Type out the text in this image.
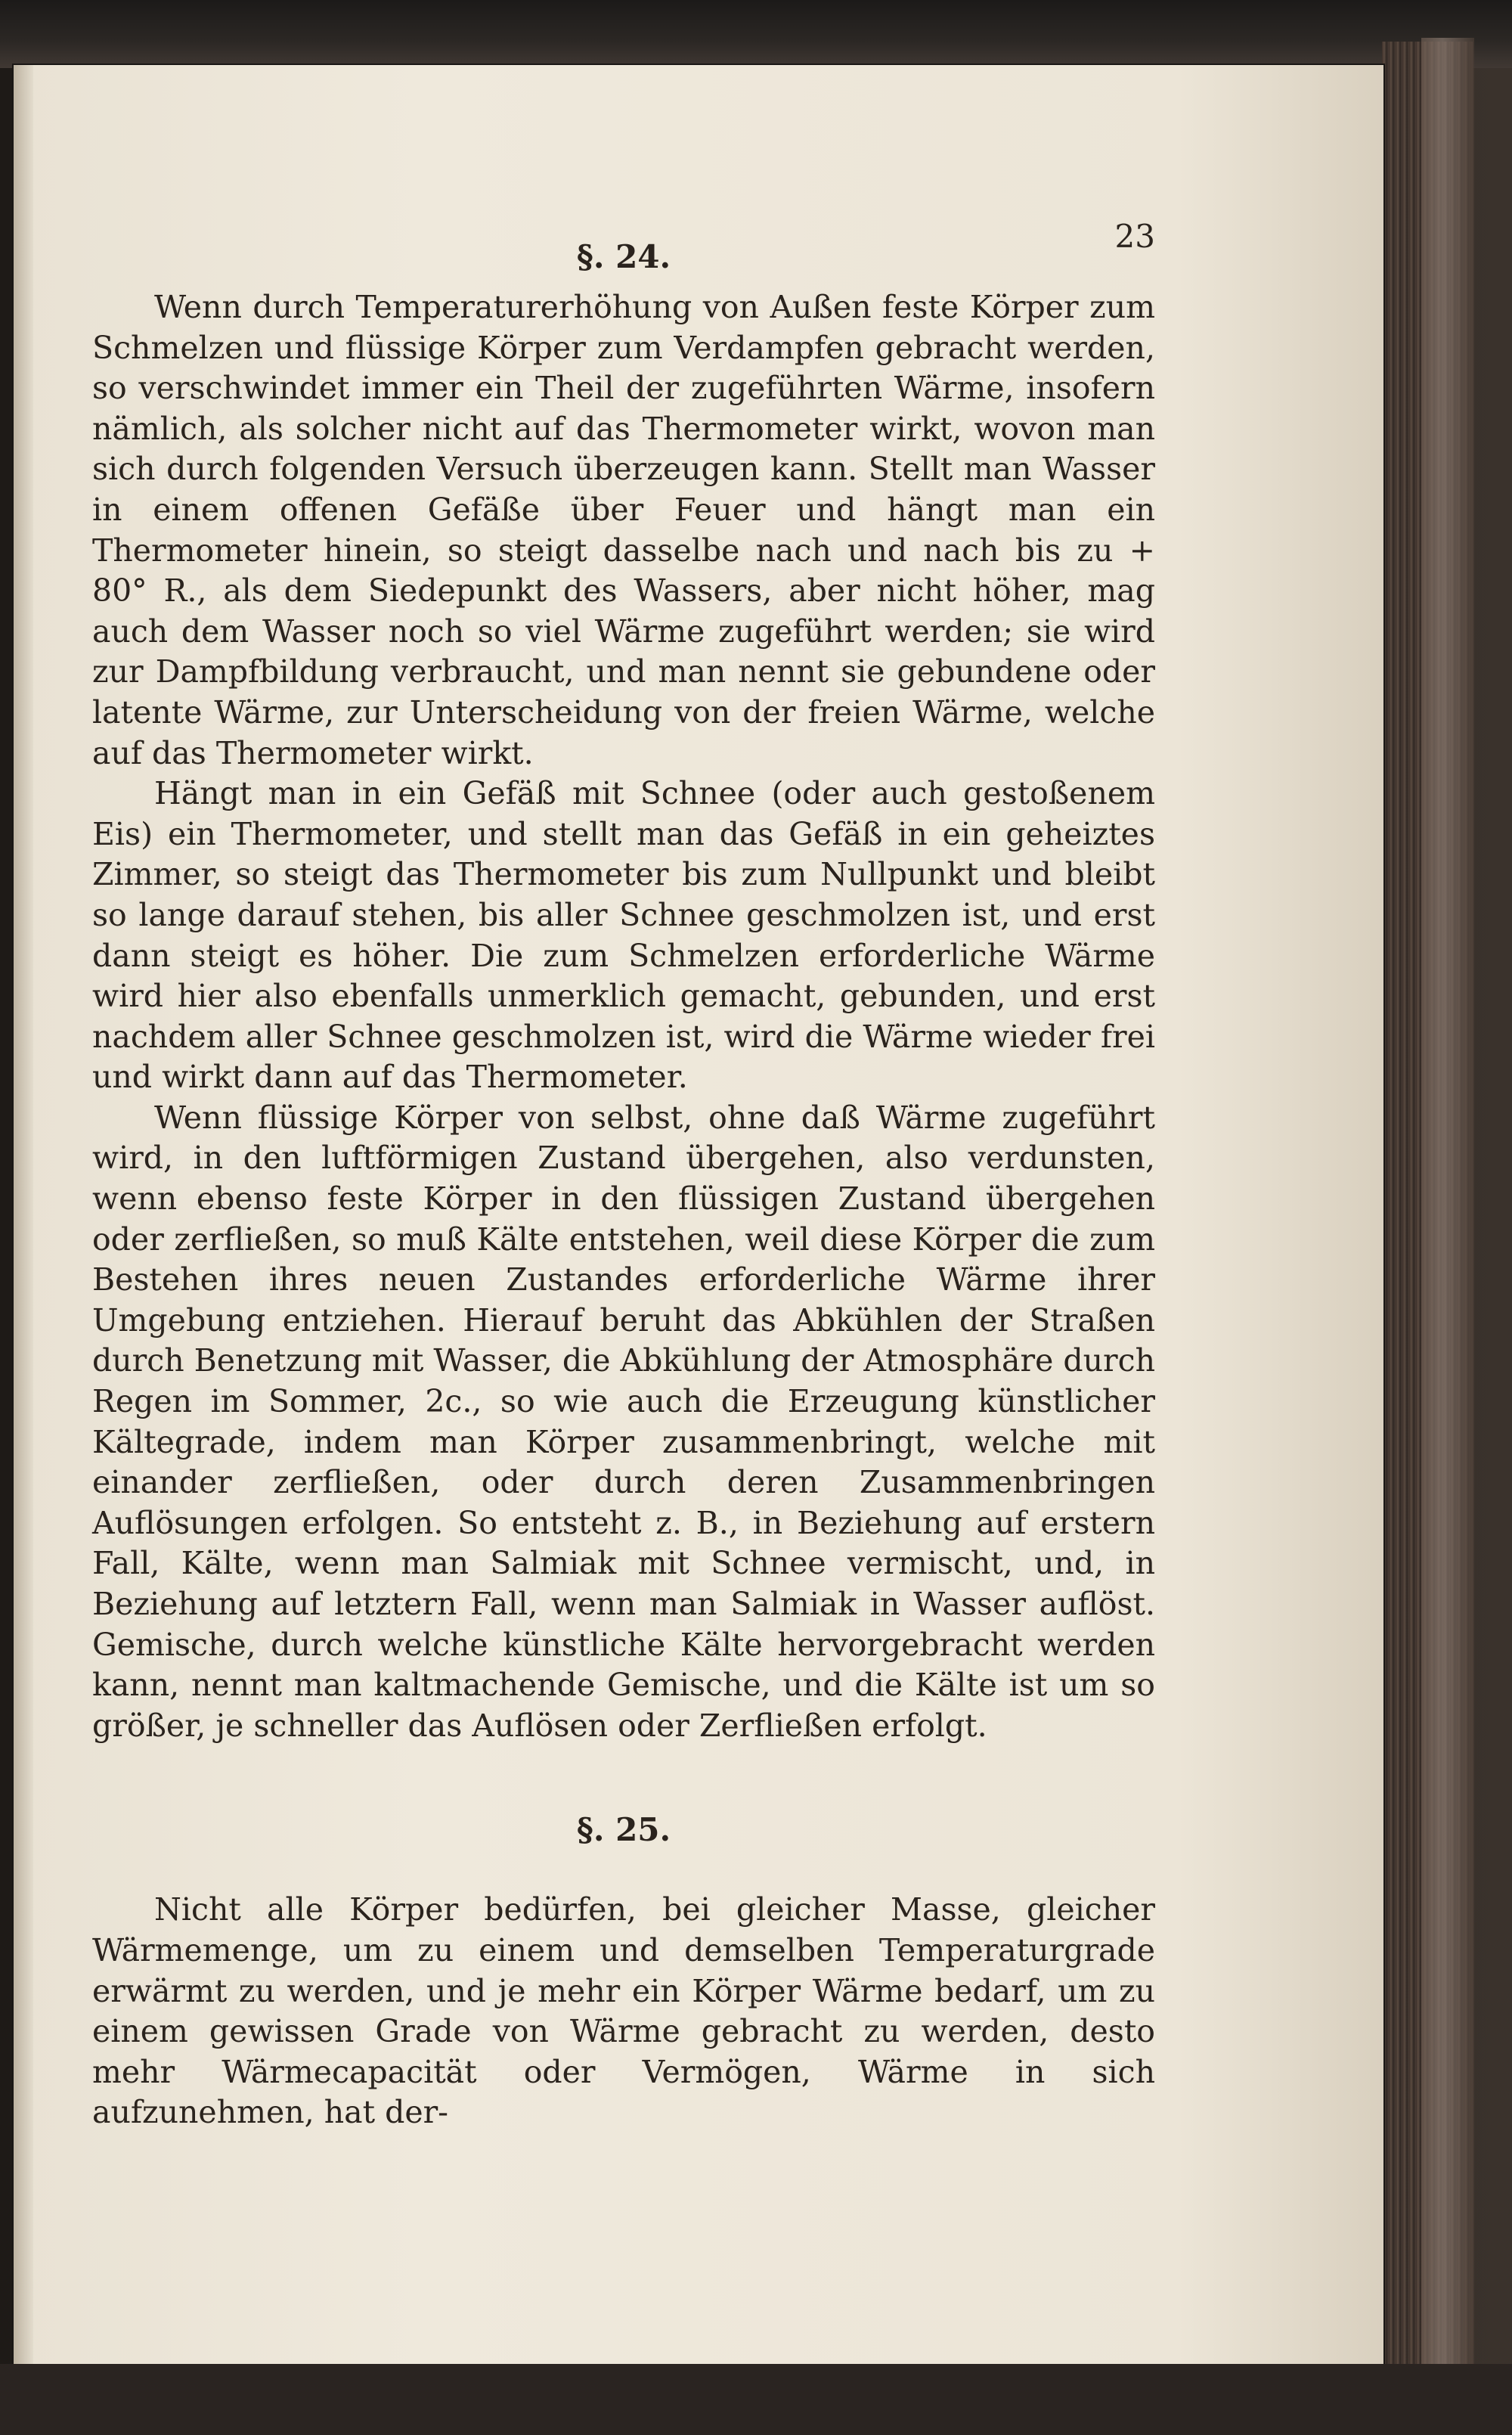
23
§. 24.

Wenn durch Temperaturerhöhung von Außen feste Körper zum Schmelzen und flüssige Körper zum Verdampfen gebracht werden, so verschwindet immer ein Theil der zugeführten Wärme, insofern nämlich, als solcher nicht auf das Thermometer wirkt, wovon man sich durch folgenden Versuch überzeugen kann. Stellt man Wasser in einem offenen Gefäße über Feuer und hängt man ein Thermometer hinein, so steigt dasselbe nach und nach bis zu + 80° R., als dem Siedepunkt des Wassers, aber nicht höher, mag auch dem Wasser noch so viel Wärme zugeführt werden; sie wird zur Dampfbildung verbraucht, und man nennt sie gebundene oder latente Wärme, zur Unterscheidung von der freien Wärme, welche auf das Thermometer wirkt.

Hängt man in ein Gefäß mit Schnee (oder auch gestoßenem Eis) ein Thermometer, und stellt man das Gefäß in ein geheiztes Zimmer, so steigt das Thermometer bis zum Nullpunkt und bleibt so lange darauf stehen, bis aller Schnee geschmolzen ist, und erst dann steigt es höher. Die zum Schmelzen erforderliche Wärme wird hier also ebenfalls unmerklich gemacht, gebunden, und erst nachdem aller Schnee geschmolzen ist, wird die Wärme wieder frei und wirkt dann auf das Thermometer.

Wenn flüssige Körper von selbst, ohne daß Wärme zugeführt wird, in den luftförmigen Zustand übergehen, also verdunsten, wenn ebenso feste Körper in den flüssigen Zustand übergehen oder zerfließen, so muß Kälte entstehen, weil diese Körper die zum Bestehen ihres neuen Zustandes erforderliche Wärme ihrer Umgebung entziehen. Hierauf beruht das Abkühlen der Straßen durch Benetzung mit Wasser, die Abkühlung der Atmosphäre durch Regen im Sommer, 2c., so wie auch die Erzeugung künstlicher Kältegrade, indem man Körper zusammenbringt, welche mit einander zerfließen, oder durch deren Zusammenbringen Auflösungen erfolgen. So entsteht z. B., in Beziehung auf erstern Fall, Kälte, wenn man Salmiak mit Schnee vermischt, und, in Beziehung auf letztern Fall, wenn man Salmiak in Wasser auflöst. Gemische, durch welche künstliche Kälte hervorgebracht werden kann, nennt man kaltmachende Gemische, und die Kälte ist um so größer, je schneller das Auflösen oder Zerfließen erfolgt.

§. 25.

Nicht alle Körper bedürfen, bei gleicher Masse, gleicher Wärmemenge, um zu einem und demselben Temperaturgrade erwärmt zu werden, und je mehr ein Körper Wärme bedarf, um zu einem gewissen Grade von Wärme gebracht zu werden, desto mehr Wärmecapacität oder Vermögen, Wärme in sich aufzunehmen, hat der-
